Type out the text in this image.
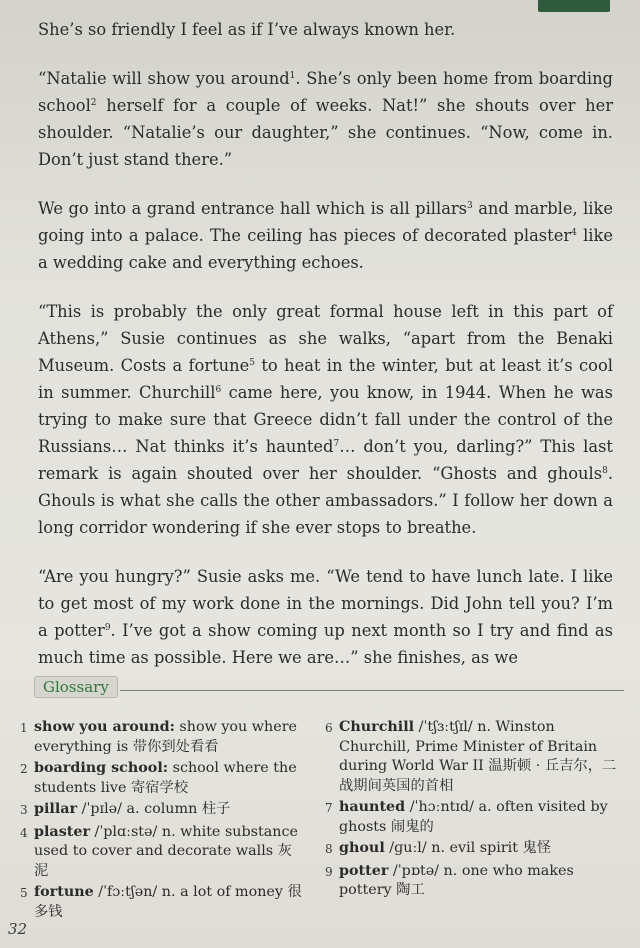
She’s so friendly I feel as if I’ve always known her.

“Natalie will show you around$^1$. She’s only been home from boarding school$^2$ herself for a couple of weeks. Nat!” she shouts over her shoulder. “Natalie’s our daughter,” she continues. “Now, come in. Don’t just stand there.”

We go into a grand entrance hall which is all pillars$^3$ and marble, like going into a palace. The ceiling has pieces of decorated plaster$^4$ like a wedding cake and everything echoes.

“This is probably the only great formal house left in this part of Athens,” Susie continues as she walks, “apart from the Benaki Museum. Costs a fortune$^5$ to heat in the winter, but at least it’s cool in summer. Churchill$^6$ came here, you know, in 1944. When he was trying to make sure that Greece didn’t fall under the control of the Russians… Nat thinks it’s haunted$^7$… don’t you, darling?” This last remark is again shouted over her shoulder. “Ghosts and ghouls$^8$. Ghouls is what she calls the other ambassadors.” I follow her down a long corridor wondering if she ever stops to breathe.

“Are you hungry?” Susie asks me. “We tend to have lunch late. I like to get most of my work done in the mornings. Did John tell you? I’m a potter$^9$. I’ve got a show coming up next month so I try and find as much time as possible. Here we are…” she finishes, as we

Glossary
1 show you around: show you where everything is 带你到处看看
2 boarding school: school where the students live 寄宿学校
3 pillar /ˈpɪlə/ a. column 柱子
4 plaster /ˈplɑːstə/ n. white substance used to cover and decorate walls 灰泥
5 fortune /ˈfɔːtʃən/ n. a lot of money 很多钱
6 Churchill /ˈtʃɜːtʃɪl/ n. Winston Churchill, Prime Minister of Britain during World War II 温斯顿 · 丘吉尔，二战期间英国的首相
7 haunted /ˈhɔːntɪd/ a. often visited by ghosts 闹鬼的
8 ghoul /ɡuːl/ n. evil spirit 鬼怪
9 potter /ˈpɒtə/ n. one who makes pottery 陶工
32
